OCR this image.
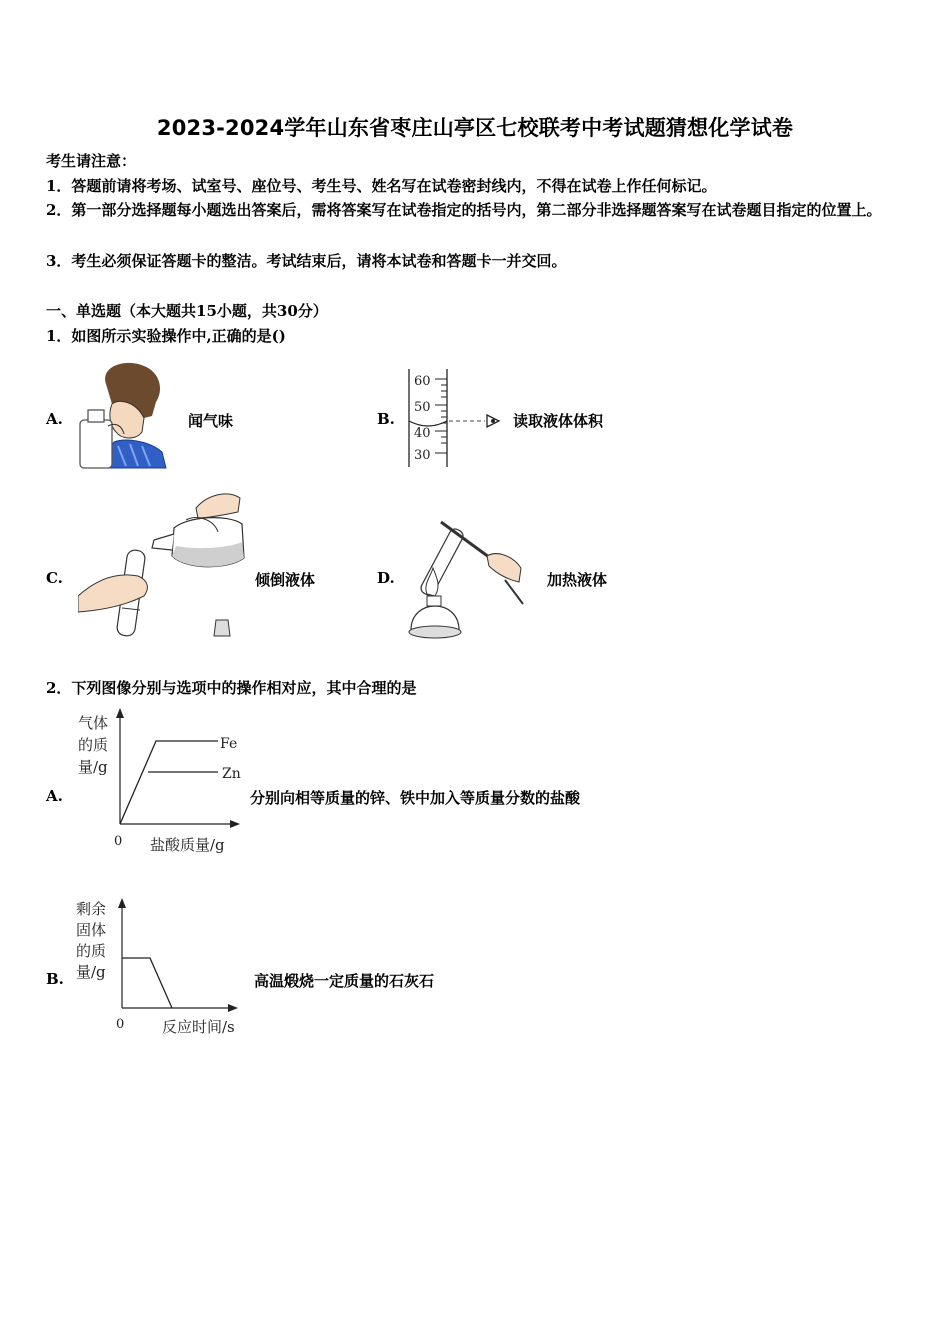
2023-2024学年山东省枣庄山亭区七校联考中考试题猜想化学试卷
考生请注意：
1．答题前请将考场、试室号、座位号、考生号、姓名写在试卷密封线内，不得在试卷上作任何标记。
2．第一部分选择题每小题选出答案后，需将答案写在试卷指定的括号内，第二部分非选择题答案写在试卷题目指定的位置上。
3．考生必须保证答题卡的整洁。考试结束后，请将本试卷和答题卡一并交回。
一、单选题（本大题共15小题，共30分）
1．如图所示实验操作中,正确的是()
A.	闻气味	B.
60
50
40
30
读取液体体积
C.	倾倒液体	D.	加热液体
2．下列图像分别与选项中的操作相对应，其中合理的是
A.
气体
的质
量/g
Fe
Zn
0 盐酸质量/g
分别向相等质量的锌、铁中加入等质量分数的盐酸
B.
剩余
固体
的质
量/g
0	反应时间/s
高温煅烧一定质量的石灰石
